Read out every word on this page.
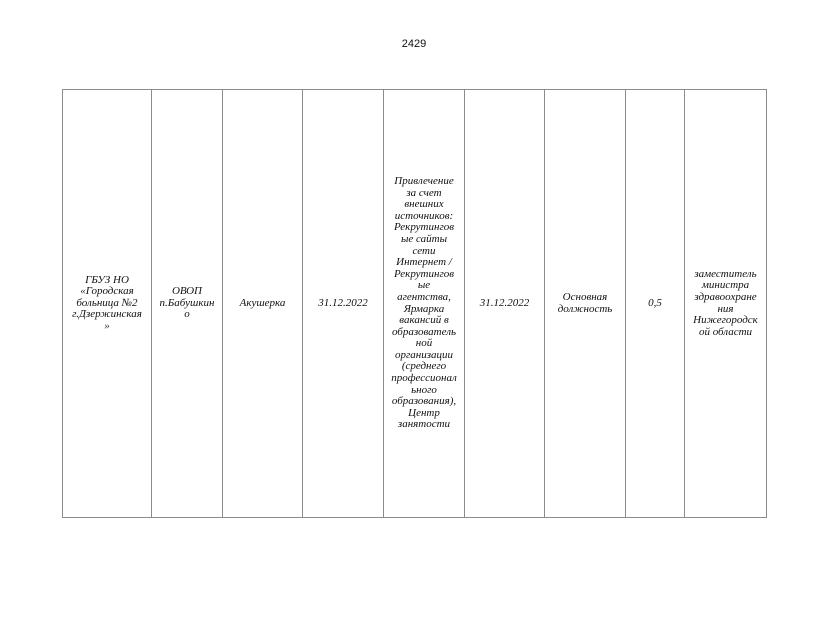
2429
ГБУЗ НО
«Городская
больница №2
г.Дзержинская
»	ОВОП
п.Бабушкин
о	Акушерка	31.12.2022	Привлечение
за счет
внешних
источников:
Рекрутингов
ые сайты
сети
Интернет /
Рекрутингов
ые
агентства,
Ярмарка
вакансий в
образователь
ной
организации
(среднего
профессионал
ьного
образования),
Центр
занятости	31.12.2022	Основная
должность	0,5	заместитель
министра
здравоохране
ния
Нижегородск
ой области
